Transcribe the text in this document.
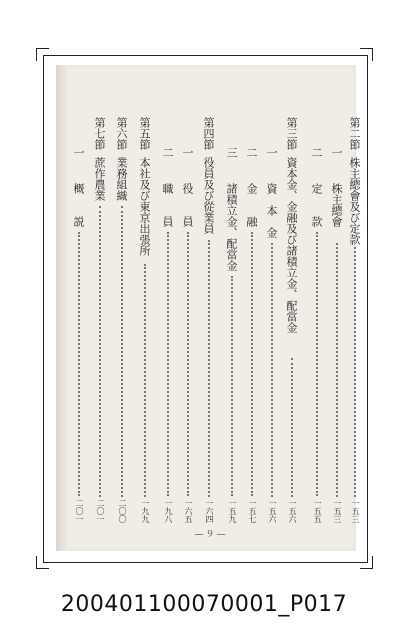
第二節
株主總會及び定款
一五三
一
株主總會
一五三
二
定　　款
一五五
第三節
資本金、金融及び諸積立金、配當金
一五六
一
資　本　金
一五六
二
金　　融
一五七
三
諸積立金、配當金
一五九
第四節
役員及び從業員
一六四
一
役　　員
一六五
二
職　　員
一九八
第五節
本社及び東京出張所
一九九
第六節
業務組織
二〇〇
第七節
蔗作農業
二〇一
一
概　　説
二〇一
—９—
200401100070001_P017
